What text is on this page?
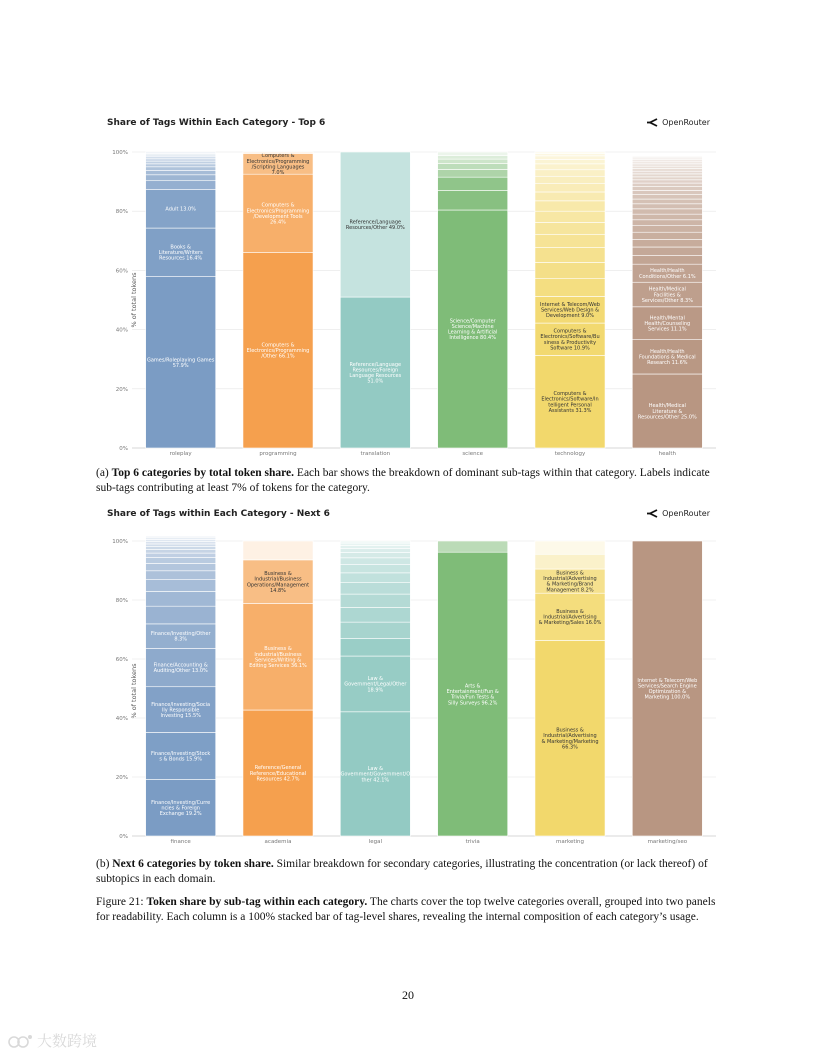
Share of Tags Within Each Category - Top 6	OpenRouter
% of total tokens
0%
20%
40%
60%
80%
100%
Games/Roleplaying Games 57.9%
Books & Literature/Writers Resources 16.4%
Adult 13.0%
roleplay
Computers & Electronics/Programming /Other 66.1%
Computers & Electronics/Programming /Development Tools 26.4%
Computers & Electronics/Programming /Scripting Languages 7.0%
programming
Reference/Language Resources/Foreign Language Resources 51.0%
Reference/Language Resources/Other 49.0%
translation
Science/Computer Science/Machine Learning & Artificial Intelligence 80.4%
science
Computers & Electronics/Software/In telligent Personal Assistants 31.3%
Computers & Electronics/Software/Bu siness & Productivity Software 10.9%
Internet & Telecom/Web Services/Web Design & Development 9.0%
technology
Health/Medical Literature & Resources/Other 25.0%
Health/Health Foundations & Medical Research 11.6%
Health/Mental Health/Counseling Services 11.1%
Health/Medical Facilities & Services/Other 8.3%
Health/Health Conditions/Other 6.1%
health

(a) Top 6 categories by total token share. Each bar shows the breakdown of dominant sub-tags within that category. Labels indicate sub-tags contributing at least 7% of tokens for the category.

Share of Tags within Each Category - Next 6	OpenRouter
% of total tokens
0%
20%
40%
60%
80%
100%
Finance/Investing/Curre ncies & Foreign Exchange 19.2%
Finance/Investing/Stock s & Bonds 15.9%
Finance/Investing/Socia lly Responsible Investing 15.5%
Finance/Accounting & Auditing/Other 13.0%
Finance/Investing/Other 8.3%
finance
Reference/General Reference/Educational Resources 42.7%
Business & Industrial/Business Services/Writing & Editing Services 36.1%
Business & Industrial/Business Operations/Management 14.8%
academia
Law & Government/Government/O ther 42.1%
Law & Government/Legal/Other 18.9%
legal
Arts & Entertainment/Fun & Trivia/Fun Tests & Silly Surveys 96.2%
trivia
Business & Industrial/Advertising & Marketing/Marketing 66.3%
Business & Industrial/Advertising & Marketing/Sales 16.0%
Business & Industrial/Advertising & Marketing/Brand Management 8.2%
marketing
Internet & Telecom/Web Services/Search Engine Optimization & Marketing 100.0%
marketing/seo

(b) Next 6 categories by token share. Similar breakdown for secondary categories, illustrating the concentration (or lack thereof) of subtopics in each domain.

Figure 21: Token share by sub-tag within each category. The charts cover the top twelve categories overall, grouped into two panels for readability. Each column is a 100% stacked bar of tag-level shares, revealing the internal composition of each category’s usage.

20
大数跨境
